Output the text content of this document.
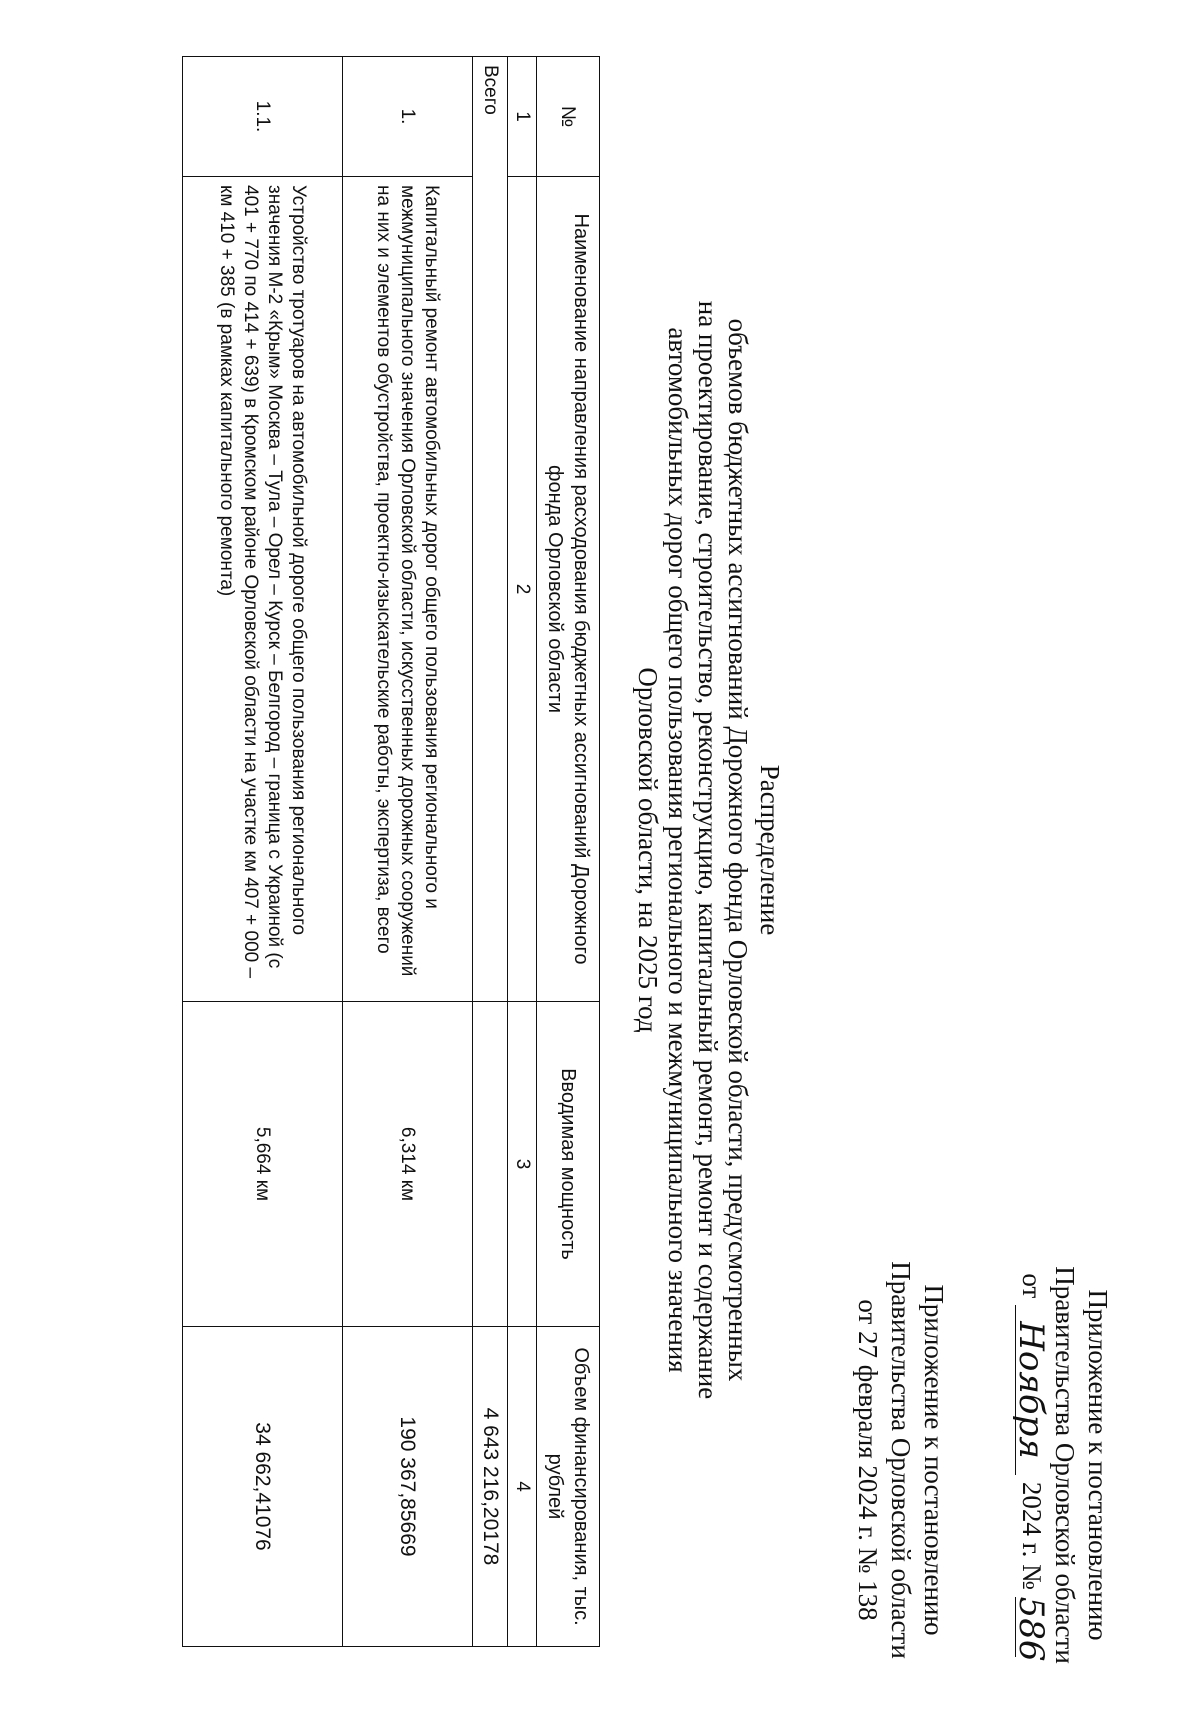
Приложение к постановлению
Правительства Орловской области
от Ноября 2024 г. № 586
Приложение к постановлению
Правительства Орловской области
от 27 февраля 2024 г. № 138
Распределение
объемов бюджетных ассигнований Дорожного фонда Орловской области, предусмотренных
на проектирование, строительство, реконструкцию, капитальный ремонт, ремонт и содержание
автомобильных дорог общего пользования регионального и межмуниципального значения
Орловской области, на 2025 год
№	Наименование направления расходования бюджетных ассигнований Дорожного фонда Орловской области	Вводимая мощность	Объем финансирования, тыс. рублей
1	2	3	4
Всего			4 643 216,20178
1.	Капитальный ремонт автомобильных дорог общего пользования регионального и межмуниципального значения Орловской области, искусственных дорожных сооружений на них и элементов обустройства, проектно-изыскательские работы, экспертиза, всего	6,314 км	190 367,85669
1.1.	Устройство тротуаров на автомобильной дороге общего пользования регионального значения М-2 «Крым» Москва – Тула – Орел – Курск – Белгород – граница с Украиной (с 401 + 770 по 414 + 639) в Кромском районе Орловской области на участке км 407 + 000 – км 410 + 385 (в рамках капитального ремонта)	5,664 км	34 662,41076
